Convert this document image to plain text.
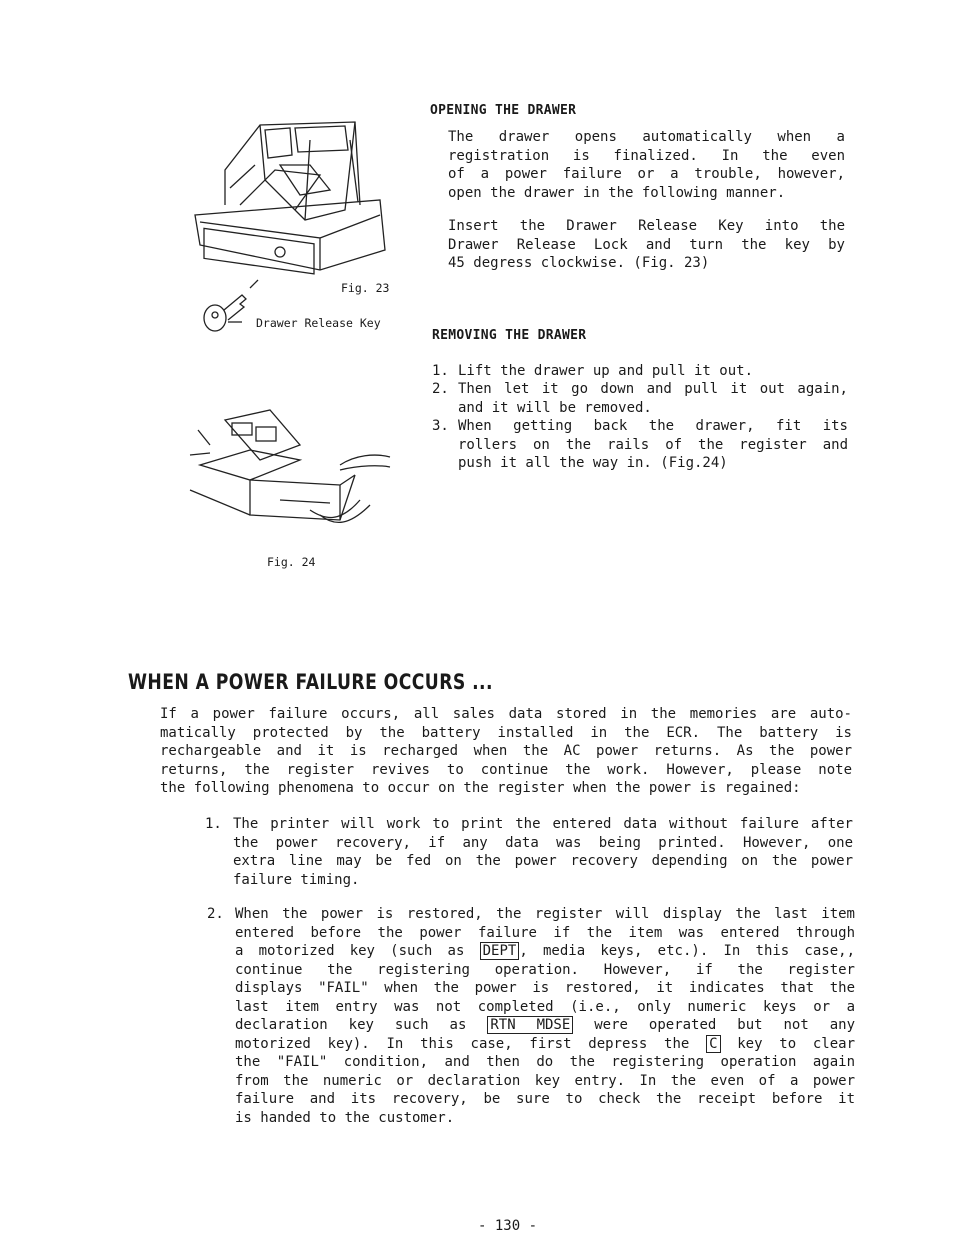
Fig. 23
Drawer Release Key
Fig. 24
OPENING THE DRAWER
The drawer opens automatically when a
registration is finalized. In the even
of a power failure or a trouble, however,
open the drawer in the following manner.
Insert the Drawer Release Key into the
Drawer Release Lock and turn the key by
45 degress clockwise. (Fig. 23)
REMOVING THE DRAWER
1. Lift the drawer up and pull it out.
2. Then let it go down and pull it out again,
and it will be removed.
3. When getting back the drawer, fit its
rollers on the rails of the register and
push it all the way in. (Fig.24)
WHEN A POWER FAILURE OCCURS ...
If a power failure occurs, all sales data stored in the memories are auto-
matically protected by the battery installed in the ECR. The battery is
rechargeable and it is recharged when the AC power returns. As the power
returns, the register revives to continue the work. However, please note
the following phenomena to occur on the register when the power is regained:
1. The printer will work to print the entered data without failure after
the power recovery, if any data was being printed. However, one
extra line may be fed on the power recovery depending on the power
failure timing.
2. When the power is restored, the register will display the last item
entered before the power failure if the item was entered through
a motorized key (such as DEPT , media keys, etc.). In this case,,
continue the registering operation. However, if the register
displays "FAIL" when the power is restored, it indicates that the
last item entry was not completed (i.e., only numeric keys or a
declaration key such as RTN MDSE were operated but not any
motorized key). In this case, first depress the C key to clear
the "FAIL" condition, and then do the registering operation again
from the numeric or declaration key entry. In the even of a power
failure and its recovery, be sure to check the receipt before it
is handed to the customer.
- 130 -
